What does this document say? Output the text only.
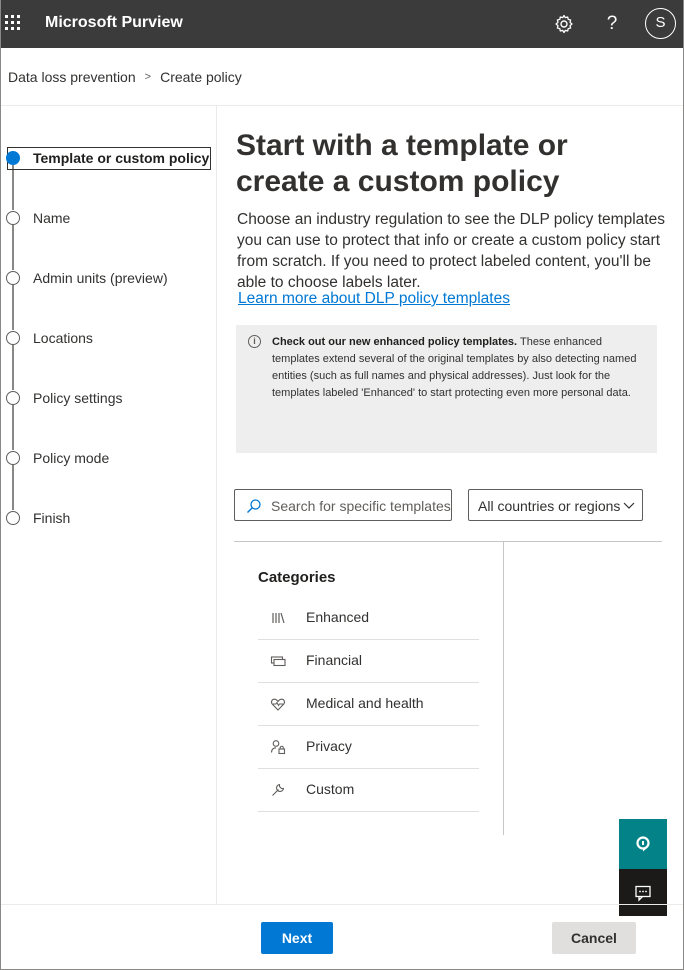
Microsoft Purview	?	S
Data loss prevention > Create policy
Template or custom policy
Name
Admin units (preview)
Locations
Policy settings
Policy mode
Finish
Start with a template or create a custom policy
Choose an industry regulation to see the DLP policy templates you can use to protect that info or create a custom policy start from scratch. If you need to protect labeled content, you'll be able to choose labels later.
Learn more about DLP policy templates
i	Check out our new enhanced policy templates. These enhanced templates extend several of the original templates by also detecting named entities (such as full names and physical addresses). Just look for the templates labeled 'Enhanced' to start protecting even more personal data.
Search for specific templates All countries or regions
Categories
Enhanced
Financial
Medical and health
Privacy
Custom
Next	Cancel
